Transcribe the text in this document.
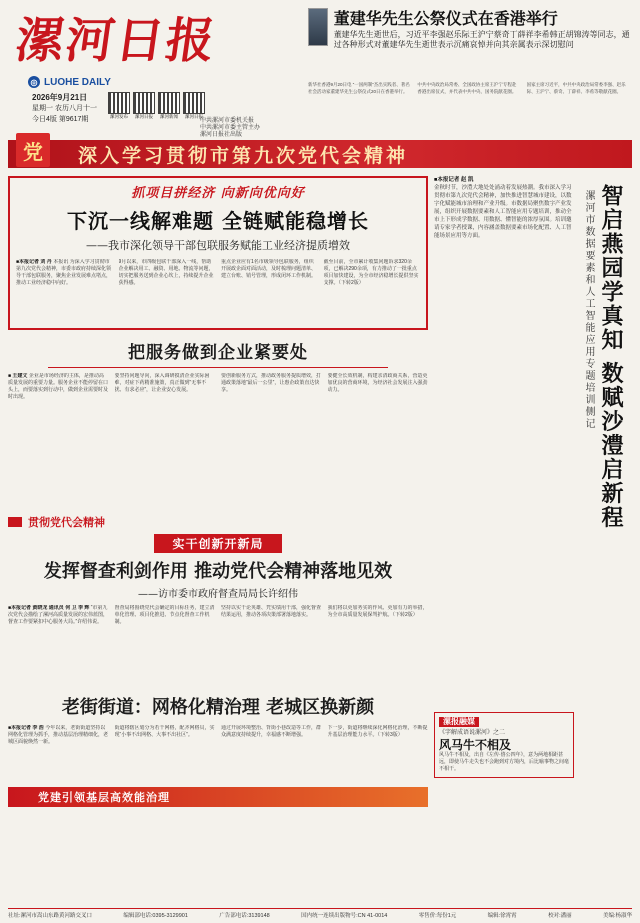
漯河日报
◎ LUOHE DAILY
2026年9月21日
星期一 农历八月十一
今日4版 第9617期	漯河发布	漯河日报	漯河新闻	漯河日报
中共漯河市委机关报
中共漯河市委主管主办
漯河日报社出版
董建华先生公祭仪式在香港举行
董建华先生逝世后，习近平李强赵乐际王沪宁蔡奇丁薛祥李希韩正胡锦涛等同志，通过各种形式对董建华先生逝世表示沉痛哀悼并向其亲属表示深切慰问
新华社香港9月20日电 “一国两制”杰出实践者、著名社会活动家董建华先生公祭仪式20日在香港举行。
中共中央政治局常委、全国政协主席王沪宁专程赴香港出席仪式，并代表中共中央、国务院献花圈。
国家主席习近平，中共中央政治局常委李强、赵乐际、王沪宁、蔡奇、丁薛祥、李希等敬献花圈。
党	深入学习贯彻市第九次党代会精神
抓项目拼经济 向新向优向好
下沉一线解难题 全链赋能稳增长
——我市深化领导干部包联服务赋能工业经济提质增效
■本报记者 刘 丹 本报讯 为深入学习贯彻市第九次党代会精神，市委市政府持续深化领导干部包联服务，聚焦企业发展难点堵点，推动工业经济稳中向好。
9月以来，市四级包联干部深入一线，帮助企业解决用工、融资、用地、物流等问题，切实把服务送到企业心坎上，持续提升企业获得感。
重点企业应有1名市级领导包联服务，组织开展政企面对面活动，及时梳理问题清单、建立台账、销号管理，形成闭环工作机制。
截至目前，全市累计收集问题诉求320余项，已解决290余项，有力推动了一批重点项目加快建设，为全市经济稳增长提供坚实支撑。（下转2版）
把服务做到企业紧要处
■ 王建文 企业是市场经济的主体，是推动高质量发展的重要力量。服务企业不能停留在口头上，而要落实到行动中，做到企业需要时及时出现。
要坚持问题导向，深入调研摸清企业实际困难，对症下药精准施策，真正做到“无事不扰、有求必应”，让企业安心发展。
要创新服务方式，推动政务服务提质增效，打通政策落地“最后一公里”，让惠企政策直达快享。
要健全长效机制，构建亲清政商关系，营造更加优良的营商环境，为经济社会发展注入强劲动力。
贯彻党代会精神
实干创新开新局
发挥督查利剑作用 推动党代会精神落地见效
——访市委市政府督查局局长许绍伟
■本报记者 黄晓龙 通讯员 何 卫 李 辉 “市第九次党代会描绘了漯河高质量发展的宏伟蓝图，督查工作要紧扣中心服务大局。”许绍伟说。
督查局将围绕党代会确定的目标任务，建立清单化管理、项目化推进、节点化督查工作机制。
坚持以实干论英雄、凭实绩用干部，强化督查结果运用，推动各项决策部署落地落实。
我们将以更加务实的作风、更加有力的举措，为全市高质量发展保驾护航。（下转2版）
老街街道：网格化精治理 老城区换新颜
■本报记者 李 浩 今年以来，老街街道坚持以网格化管理为抓手，推动基层治理精细化，老城区面貌焕然一新。
街道将辖区划分为若干网格，配齐网格员，实现“小事不出网格、大事不出社区”。
通过开展环境整治、背街小巷改造等工作，群众满意度持续提升，幸福感不断增强。
下一步，街道将继续深化网格化治理，不断提升基层治理能力水平。（下转3版）
党建引领基层高效能治理
■本报记者 赵 凯
金秋时节，沙澧大地处处涌动着发展热潮。我市深入学习贯彻市第九次党代会精神，加快推进智慧城市建设，以数字化赋能城市治理和产业升级。市数据局聚焦数字产业发展，组织开展数据要素和人工智能应用专题培训，推动全市上下形成学数据、用数据、懂智能的浓厚氛围。培训邀请专家学者授课，内容涵盖数据要素市场化配置、人工智能场景应用等方面。
漯报融媒
《字解成语说漯河》之二
风马牛不相及
风马牛不相及，出自《左传·僖公四年》，意为两地相距甚远，即使马牛走失也不会跑到对方境内，后比喻事物之间毫不相干。
智启燕园学真知 数赋沙澧启新程
漯河市数据要素和人工智能应用专题培训侧记
社址:漯河市嵩山东路黄河路交叉口	编辑部电话:0395-3129901	广告部电话:3139148	国内统一连续出版物号:CN 41-0014	零售价:每份1元	编辑:徐霄霄	校对:潘丽	美编:杨淑华
